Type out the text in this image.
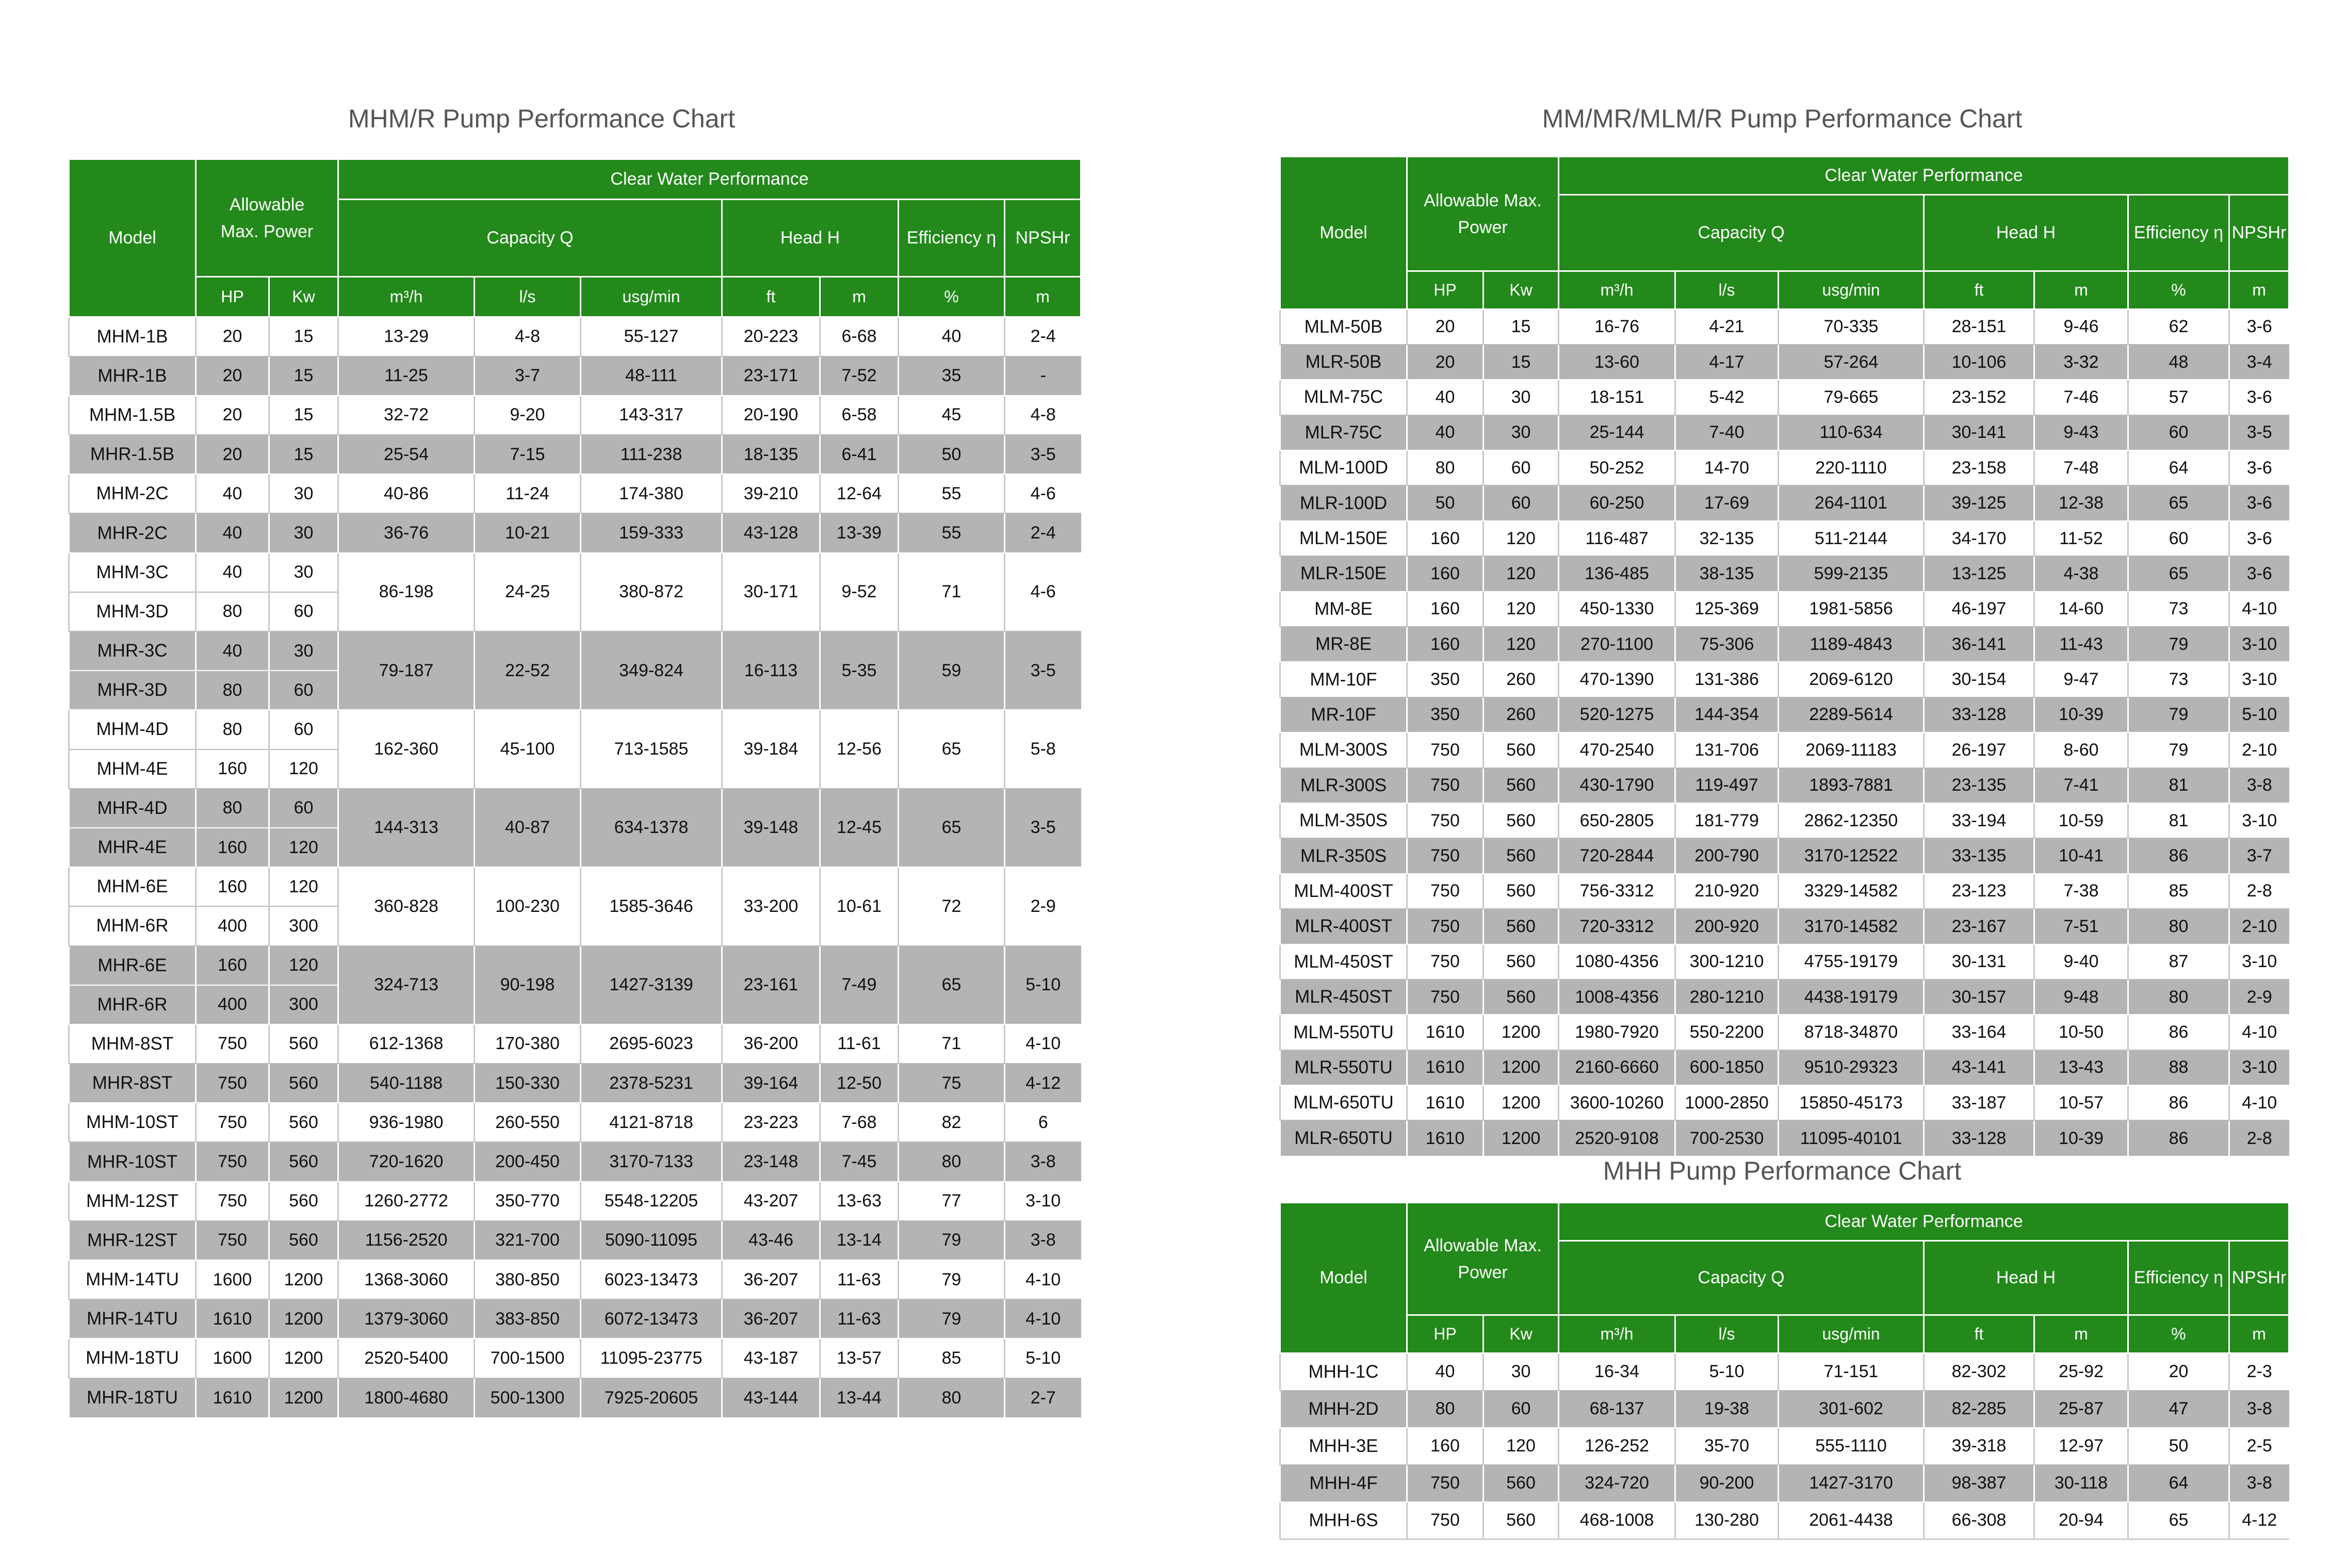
MHM/R Pump Performance Chart
Model	Allowable Max. Power		Clear Water Performance						
			Capacity Q			Head H		Efficiency η	NPSHr
	HP	Kw	m³/h	l/s	usg/min	ft	m	%	m
MHM-1B	20	15	13-29	4-8	55-127	20-223	6-68	40	2-4
MHR-1B	20	15	11-25	3-7	48-111	23-171	7-52	35	-
MHM-1.5B	20	15	32-72	9-20	143-317	20-190	6-58	45	4-8
MHR-1.5B	20	15	25-54	7-15	111-238	18-135	6-41	50	3-5
MHM-2C	40	30	40-86	11-24	174-380	39-210	12-64	55	4-6
MHR-2C	40	30	36-76	10-21	159-333	43-128	13-39	55	2-4
MHM-3C	40	30	86-198	24-25	380-872	30-171	9-52	71	4-6
MHM-3D	80	60							
MHR-3C	40	30	79-187	22-52	349-824	16-113	5-35	59	3-5
MHR-3D	80	60							
MHM-4D	80	60	162-360	45-100	713-1585	39-184	12-56	65	5-8
MHM-4E	160	120							
MHR-4D	80	60	144-313	40-87	634-1378	39-148	12-45	65	3-5
MHR-4E	160	120							
MHM-6E	160	120	360-828	100-230	1585-3646	33-200	10-61	72	2-9
MHM-6R	400	300							
MHR-6E	160	120	324-713	90-198	1427-3139	23-161	7-49	65	5-10
MHR-6R	400	300							
MHM-8ST	750	560	612-1368	170-380	2695-6023	36-200	11-61	71	4-10
MHR-8ST	750	560	540-1188	150-330	2378-5231	39-164	12-50	75	4-12
MHM-10ST	750	560	936-1980	260-550	4121-8718	23-223	7-68	82	6
MHR-10ST	750	560	720-1620	200-450	3170-7133	23-148	7-45	80	3-8
MHM-12ST	750	560	1260-2772	350-770	5548-12205	43-207	13-63	77	3-10
MHR-12ST	750	560	1156-2520	321-700	5090-11095	43-46	13-14	79	3-8
MHM-14TU	1600	1200	1368-3060	380-850	6023-13473	36-207	11-63	79	4-10
MHR-14TU	1610	1200	1379-3060	383-850	6072-13473	36-207	11-63	79	4-10
MHM-18TU	1600	1200	2520-5400	700-1500	11095-23775	43-187	13-57	85	5-10
MHR-18TU	1610	1200	1800-4680	500-1300	7925-20605	43-144	13-44	80	2-7
MM/MR/MLM/R Pump Performance Chart
Model	Allowable Max. Power		Clear Water Performance						
			Capacity Q			Head H		Efficiency η	NPSHr
	HP	Kw	m³/h	l/s	usg/min	ft	m	%	m
MLM-50B	20	15	16-76	4-21	70-335	28-151	9-46	62	3-6
MLR-50B	20	15	13-60	4-17	57-264	10-106	3-32	48	3-4
MLM-75C	40	30	18-151	5-42	79-665	23-152	7-46	57	3-6
MLR-75C	40	30	25-144	7-40	110-634	30-141	9-43	60	3-5
MLM-100D	80	60	50-252	14-70	220-1110	23-158	7-48	64	3-6
MLR-100D	50	60	60-250	17-69	264-1101	39-125	12-38	65	3-6
MLM-150E	160	120	116-487	32-135	511-2144	34-170	11-52	60	3-6
MLR-150E	160	120	136-485	38-135	599-2135	13-125	4-38	65	3-6
MM-8E	160	120	450-1330	125-369	1981-5856	46-197	14-60	73	4-10
MR-8E	160	120	270-1100	75-306	1189-4843	36-141	11-43	79	3-10
MM-10F	350	260	470-1390	131-386	2069-6120	30-154	9-47	73	3-10
MR-10F	350	260	520-1275	144-354	2289-5614	33-128	10-39	79	5-10
MLM-300S	750	560	470-2540	131-706	2069-11183	26-197	8-60	79	2-10
MLR-300S	750	560	430-1790	119-497	1893-7881	23-135	7-41	81	3-8
MLM-350S	750	560	650-2805	181-779	2862-12350	33-194	10-59	81	3-10
MLR-350S	750	560	720-2844	200-790	3170-12522	33-135	10-41	86	3-7
MLM-400ST	750	560	756-3312	210-920	3329-14582	23-123	7-38	85	2-8
MLR-400ST	750	560	720-3312	200-920	3170-14582	23-167	7-51	80	2-10
MLM-450ST	750	560	1080-4356	300-1210	4755-19179	30-131	9-40	87	3-10
MLR-450ST	750	560	1008-4356	280-1210	4438-19179	30-157	9-48	80	2-9
MLM-550TU	1610	1200	1980-7920	550-2200	8718-34870	33-164	10-50	86	4-10
MLR-550TU	1610	1200	2160-6660	600-1850	9510-29323	43-141	13-43	88	3-10
MLM-650TU	1610	1200	3600-10260	1000-2850	15850-45173	33-187	10-57	86	4-10
MLR-650TU	1610	1200	2520-9108	700-2530	11095-40101	33-128	10-39	86	2-8
MHH Pump Performance Chart
Model	Allowable Max. Power		Clear Water Performance						
			Capacity Q			Head H		Efficiency η	NPSHr
	HP	Kw	m³/h	l/s	usg/min	ft	m	%	m
MHH-1C	40	30	16-34	5-10	71-151	82-302	25-92	20	2-3
MHH-2D	80	60	68-137	19-38	301-602	82-285	25-87	47	3-8
MHH-3E	160	120	126-252	35-70	555-1110	39-318	12-97	50	2-5
MHH-4F	750	560	324-720	90-200	1427-3170	98-387	30-118	64	3-8
MHH-6S	750	560	468-1008	130-280	2061-4438	66-308	20-94	65	4-12
